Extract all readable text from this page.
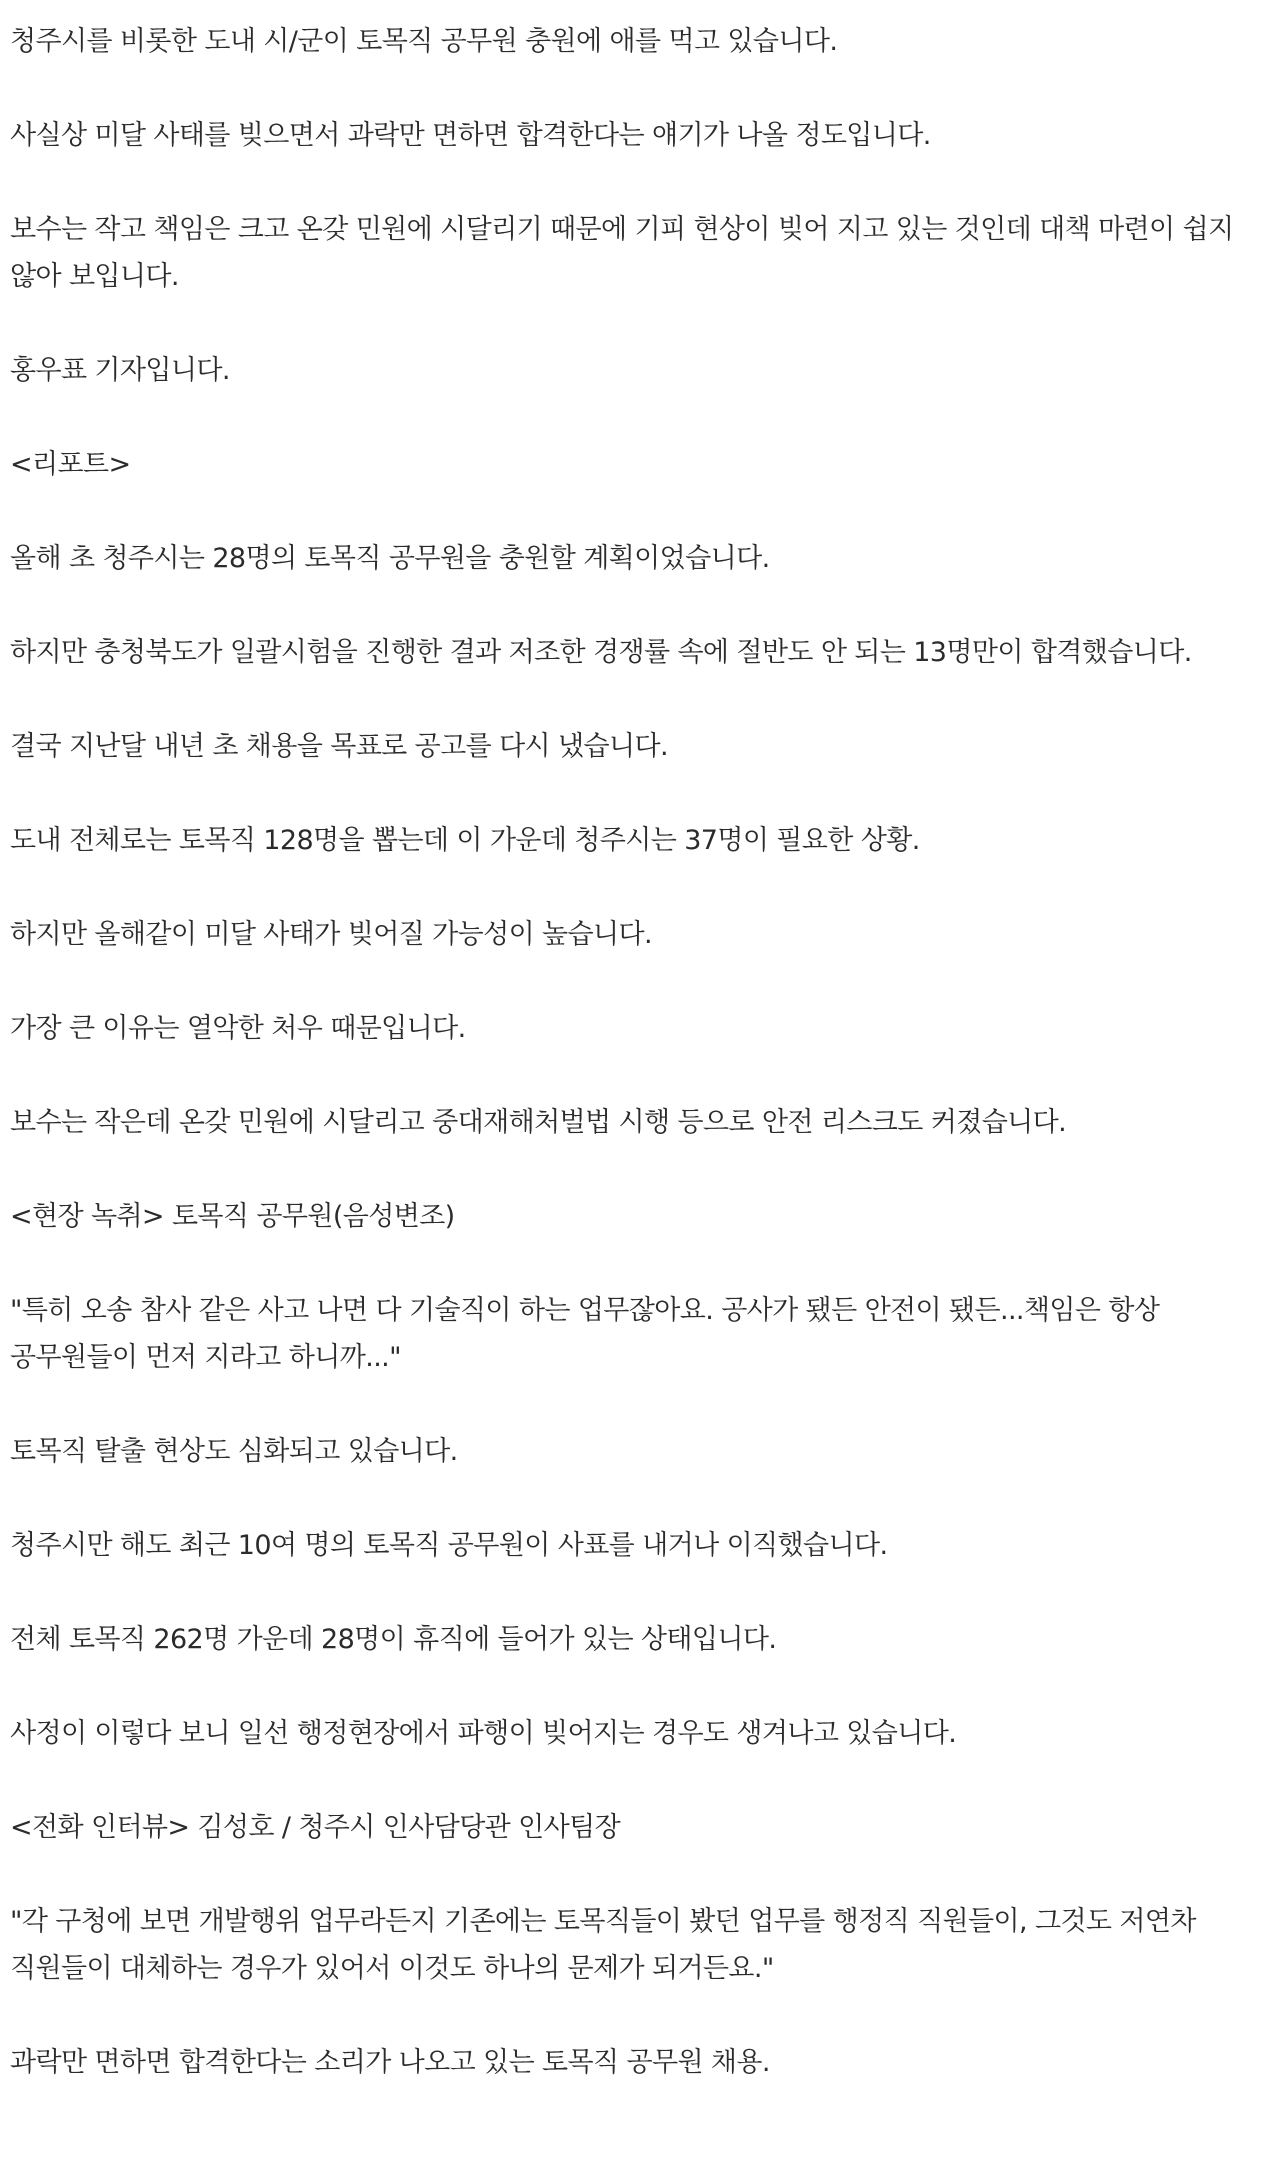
청주시를 비롯한 도내 시/군이 토목직 공무원 충원에 애를 먹고 있습니다.

사실상 미달 사태를 빚으면서 과락만 면하면 합격한다는 얘기가 나올 정도입니다.

보수는 작고 책임은 크고 온갖 민원에 시달리기 때문에 기피 현상이 빚어 지고 있는 것인데 대책 마련이 쉽지 않아 보입니다.

홍우표 기자입니다.

<리포트>

올해 초 청주시는 28명의 토목직 공무원을 충원할 계획이었습니다.

하지만 충청북도가 일괄시험을 진행한 결과 저조한 경쟁률 속에 절반도 안 되는 13명만이 합격했습니다.

결국 지난달 내년 초 채용을 목표로 공고를 다시 냈습니다.

도내 전체로는 토목직 128명을 뽑는데 이 가운데 청주시는 37명이 필요한 상황.

하지만 올해같이 미달 사태가 빚어질 가능성이 높습니다.

가장 큰 이유는 열악한 처우 때문입니다.

보수는 작은데 온갖 민원에 시달리고 중대재해처벌법 시행 등으로 안전 리스크도 커졌습니다.

<현장 녹취> 토목직 공무원(음성변조)

"특히 오송 참사 같은 사고 나면 다 기술직이 하는 업무잖아요. 공사가 됐든 안전이 됐든...책임은 항상 공무원들이 먼저 지라고 하니까..."

토목직 탈출 현상도 심화되고 있습니다.

청주시만 해도 최근 10여 명의 토목직 공무원이 사표를 내거나 이직했습니다.

전체 토목직 262명 가운데 28명이 휴직에 들어가 있는 상태입니다.

사정이 이렇다 보니 일선 행정현장에서 파행이 빚어지는 경우도 생겨나고 있습니다.

<전화 인터뷰> 김성호 / 청주시 인사담당관 인사팀장

"각 구청에 보면 개발행위 업무라든지 기존에는 토목직들이 봤던 업무를 행정직 직원들이, 그것도 저연차 직원들이 대체하는 경우가 있어서 이것도 하나의 문제가 되거든요."

과락만 면하면 합격한다는 소리가 나오고 있는 토목직 공무원 채용.
